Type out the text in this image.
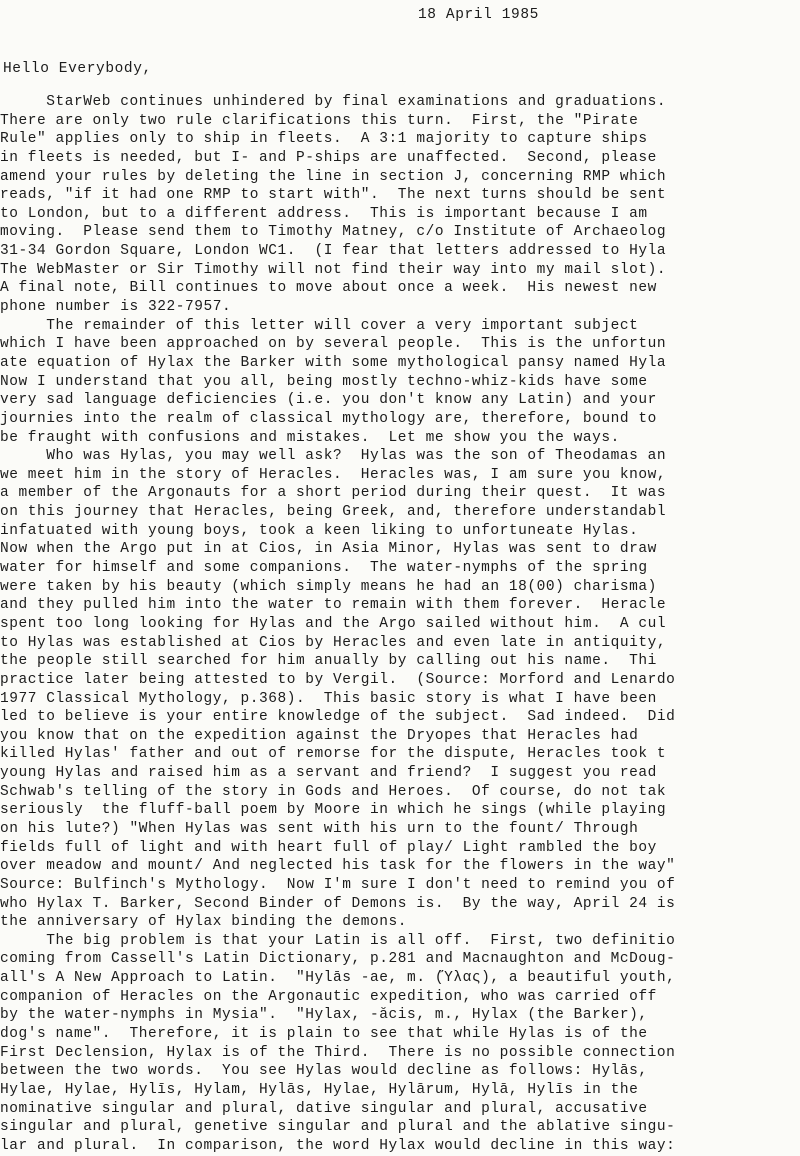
18 April 1985
Hello Everybody,
StarWeb continues unhindered by final examinations and graduations.
There are only two rule clarifications this turn.  First, the "Pirate
Rule" applies only to ship in fleets.  A 3:1 majority to capture ships
in fleets is needed, but I- and P-ships are unaffected.  Second, please
amend your rules by deleting the line in section J, concerning RMP which
reads, "if it had one RMP to start with".  The next turns should be sent
to London, but to a different address.  This is important because I am
moving.  Please send them to Timothy Matney, c/o Institute of Archaeolog
31-34 Gordon Square, London WC1.  (I fear that letters addressed to Hyla
The WebMaster or Sir Timothy will not find their way into my mail slot).
A final note, Bill continues to move about once a week.  His newest new
phone number is 322-7957.
The remainder of this letter will cover a very important subject
which I have been approached on by several people.  This is the unfortun
ate equation of Hylax the Barker with some mythological pansy named Hyla
Now I understand that you all, being mostly techno-whiz-kids have some
very sad language deficiencies (i.e. you don't know any Latin) and your
journies into the realm of classical mythology are, therefore, bound to
be fraught with confusions and mistakes.  Let me show you the ways.
Who was Hylas, you may well ask?  Hylas was the son of Theodamas an
we meet him in the story of Heracles.  Heracles was, I am sure you know,
a member of the Argonauts for a short period during their quest.  It was
on this journey that Heracles, being Greek, and, therefore understandabl
infatuated with young boys, took a keen liking to unfortuneate Hylas.
Now when the Argo put in at Cios, in Asia Minor, Hylas was sent to draw
water for himself and some companions.  The water-nymphs of the spring
were taken by his beauty (which simply means he had an 18(00) charisma)
and they pulled him into the water to remain with them forever.  Heracle
spent too long looking for Hylas and the Argo sailed without him.  A cul
to Hylas was established at Cios by Heracles and even late in antiquity,
the people still searched for him anually by calling out his name.  Thi
practice later being attested to by Vergil.  (Source: Morford and Lenardo
1977 Classical Mythology, p.368).  This basic story is what I have been
led to believe is your entire knowledge of the subject.  Sad indeed.  Did
you know that on the expedition against the Dryopes that Heracles had
killed Hylas' father and out of remorse for the dispute, Heracles took t
young Hylas and raised him as a servant and friend?  I suggest you read
Schwab's telling of the story in Gods and Heroes.  Of course, do not tak
seriously  the fluff-ball poem by Moore in which he sings (while playing
on his lute?) "When Hylas was sent with his urn to the fount/ Through
fields full of light and with heart full of play/ Light rambled the boy
over meadow and mount/ And neglected his task for the flowers in the way"
Source: Bulfinch's Mythology.  Now I'm sure I don't need to remind you of
who Hylax T. Barker, Second Binder of Demons is.  By the way, April 24 is
the anniversary of Hylax binding the demons.
The big problem is that your Latin is all off.  First, two definitio
coming from Cassell's Latin Dictionary, p.281 and Macnaughton and McDoug-
all's A New Approach to Latin.  "Hylās -ae, m. (Ὕλας), a beautiful youth,
companion of Heracles on the Argonautic expedition, who was carried off
by the water-nymphs in Mysia".  "Hylax, -ăcis, m., Hylax (the Barker),
dog's name".  Therefore, it is plain to see that while Hylas is of the
First Declension, Hylax is of the Third.  There is no possible connection
between the two words.  You see Hylas would decline as follows: Hylās,
Hylae, Hylae, Hylīs, Hylam, Hylās, Hylae, Hylārum, Hylā, Hylīs in the
nominative singular and plural, dative singular and plural, accusative
singular and plural, genetive singular and plural and the ablative singu-
lar and plural.  In comparison, the word Hylax would decline in this way:
